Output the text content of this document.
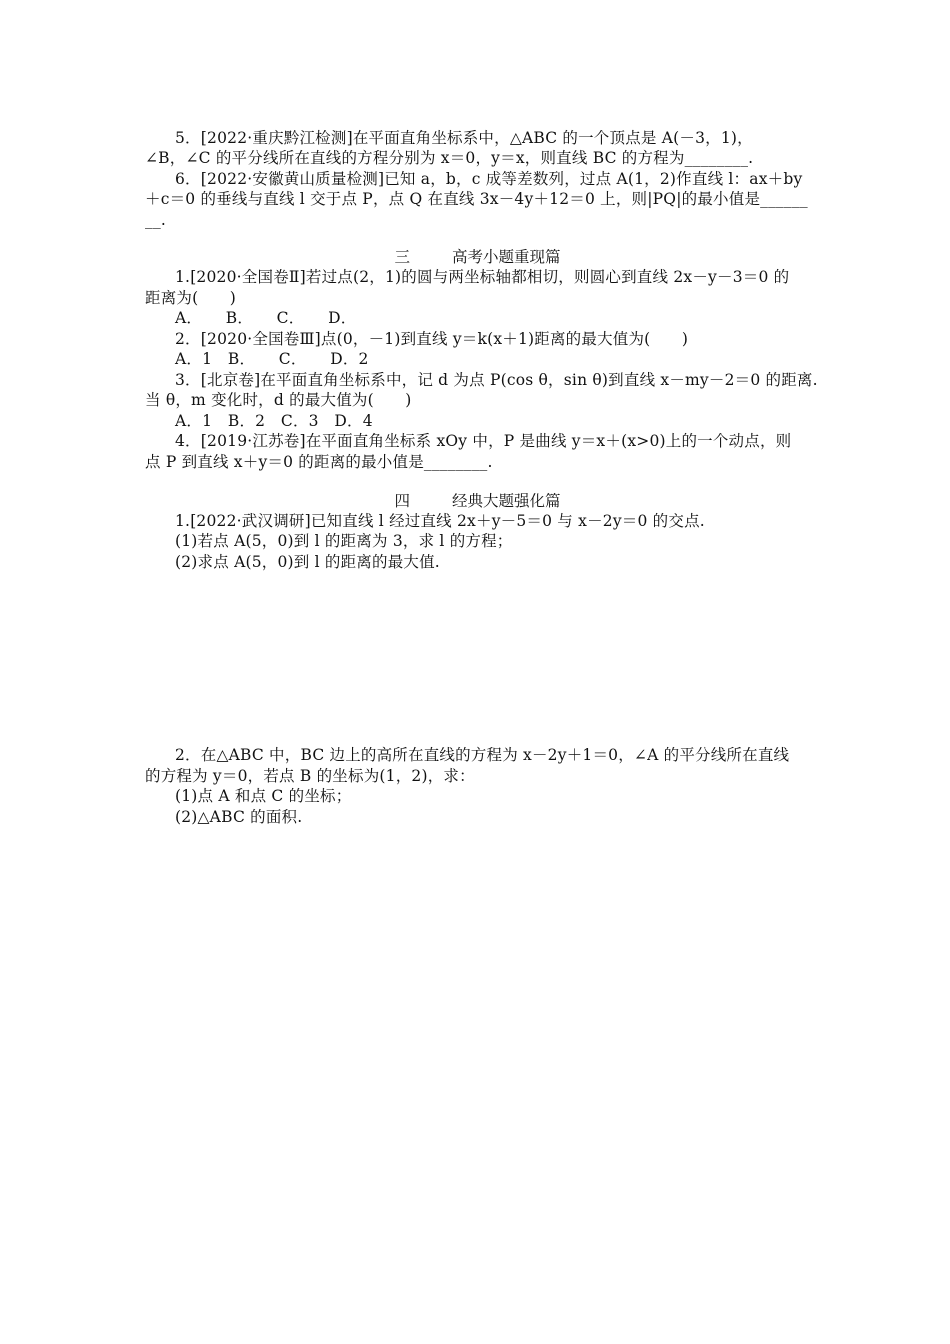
5．[2022·重庆黔江检测]在平面直角坐标系中，△ABC 的一个顶点是 A(－3，1)，
∠B，∠C 的平分线所在直线的方程分别为 x＝0，y＝x，则直线 BC 的方程为________.
6．[2022·安徽黄山质量检测]已知 a，b，c 成等差数列，过点 A(1，2)作直线 l：ax＋by
＋c＝0 的垂线与直线 l 交于点 P，点 Q 在直线 3x－4y＋12＝0 上，则|PQ|的最小值是______
__.
三	高考小题重现篇
1.[2020·全国卷Ⅱ]若过点(2，1)的圆与两坐标轴都相切，则圆心到直线 2x－y－3＝0 的
距离为(　　)
A．　　B．　　C．　　D．
2．[2020·全国卷Ⅲ]点(0，－1)到直线 y＝k(x＋1)距离的最大值为(　　)
A．1　B．　　C．　　D．2
3．[北京卷]在平面直角坐标系中，记 d 为点 P(cos θ，sin θ)到直线 x－my－2＝0 的距离.
当 θ，m 变化时，d 的最大值为(　　)
A．1　B．2　C．3　D．4
4．[2019·江苏卷]在平面直角坐标系 xOy 中，P 是曲线 y＝x＋(x>0)上的一个动点，则
点 P 到直线 x＋y＝0 的距离的最小值是________.
四	经典大题强化篇
1.[2022·武汉调研]已知直线 l 经过直线 2x＋y－5＝0 与 x－2y＝0 的交点.
(1)若点 A(5，0)到 l 的距离为 3，求 l 的方程；
(2)求点 A(5，0)到 l 的距离的最大值.
2．在△ABC 中，BC 边上的高所在直线的方程为 x－2y＋1＝0，∠A 的平分线所在直线
的方程为 y＝0，若点 B 的坐标为(1，2)，求：
(1)点 A 和点 C 的坐标；
(2)△ABC 的面积.
